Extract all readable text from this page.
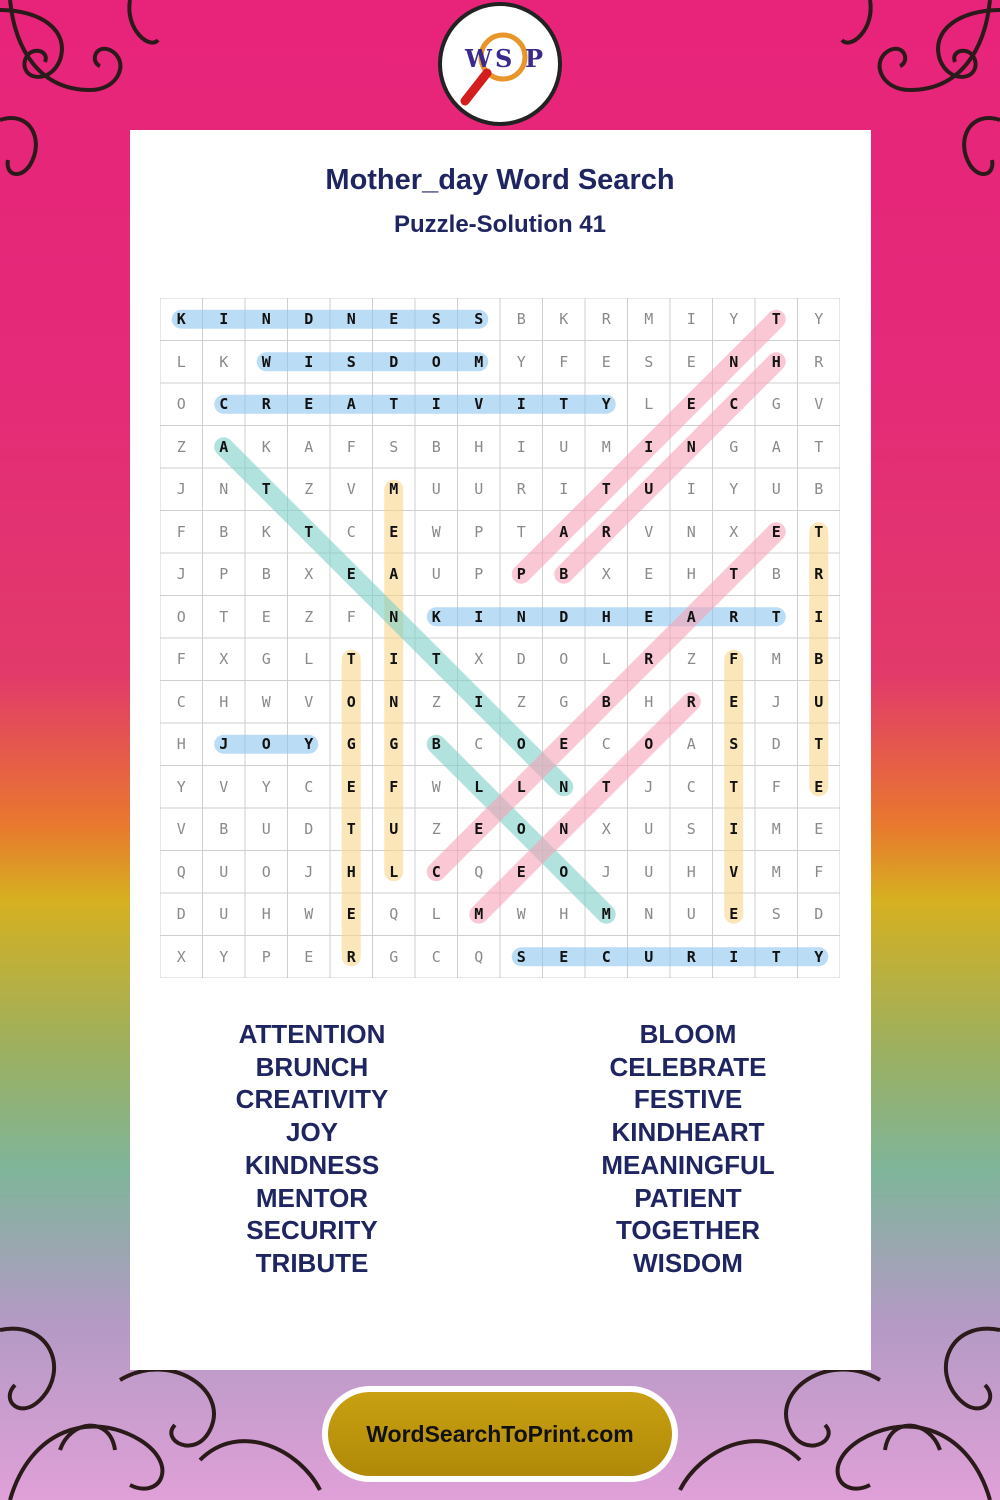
W S P
Mother_day Word Search
Puzzle-Solution 41
K	I	N	D	N	E	S	S	B	K	R	M	I	Y	T	Y
L	K	W	I	S	D	O	M	Y	F	E	S	E	N	H	R
O	C	R	E	A	T	I	V	I	T	Y	L	E	C	G	V
Z	A	K	A	F	S	B	H	I	U	M	I	N	G	A	T
J	N	T	Z	V	M	U	U	R	I	T	U	I	Y	U	B
F	B	K	T	C	E	W	P	T	A	R	V	N	X	E	T
J	P	B	X	E	A	U	P	P	B	X	E	H	T	B	R
O	T	E	Z	F	N	K	I	N	D	H	E	A	R	T	I
F	X	G	L	T	I	T	X	D	O	L	R	Z	F	M	B
C	H	W	V	O	N	Z	I	Z	G	B	H	R	E	J	U
H	J	O	Y	G	G	B	C	O	E	C	O	A	S	D	T
Y	V	Y	C	E	F	W	L	L	N	T	J	C	T	F	E
V	B	U	D	T	U	Z	E	O	N	X	U	S	I	M	E
Q	U	O	J	H	L	C	Q	E	O	J	U	H	V	M	F
D	U	H	W	E	Q	L	M	W	H	M	N	U	E	S	D
X	Y	P	E	R	G	C	Q	S	E	C	U	R	I	T	Y
ATTENTION
BRUNCH
CREATIVITY
JOY
KINDNESS
MENTOR
SECURITY
TRIBUTE
BLOOM
CELEBRATE
FESTIVE
KINDHEART
MEANINGFUL
PATIENT
TOGETHER
WISDOM
WordSearchToPrint.com
